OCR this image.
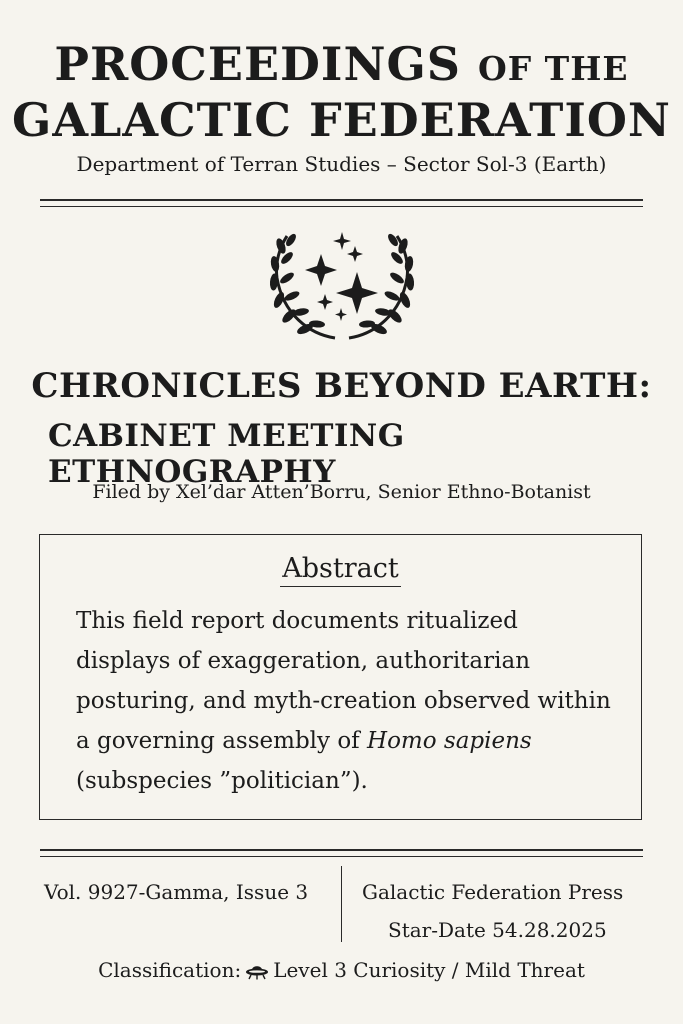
PROCEEDINGS OF THE
GALACTIC FEDERATION
Department of Terran Studies – Sector Sol-3 (Earth)
CHRONICLES BEYOND EARTH:
CABINET MEETING ETHNOGRAPHY
Filed by Xel’dar Atten’Borru, Senior Ethno-Botanist
Abstract
This field report documents ritualized displays of exaggeration, authoritarian posturing, and myth-creation observed within a governing assembly of Homo sapiens (subspecies ”politician”).
Vol. 9927-Gamma, Issue 3	Galactic Federation Press
Star-Date 54.28.2025
Classification: Level 3 Curiosity / Mild Threat
